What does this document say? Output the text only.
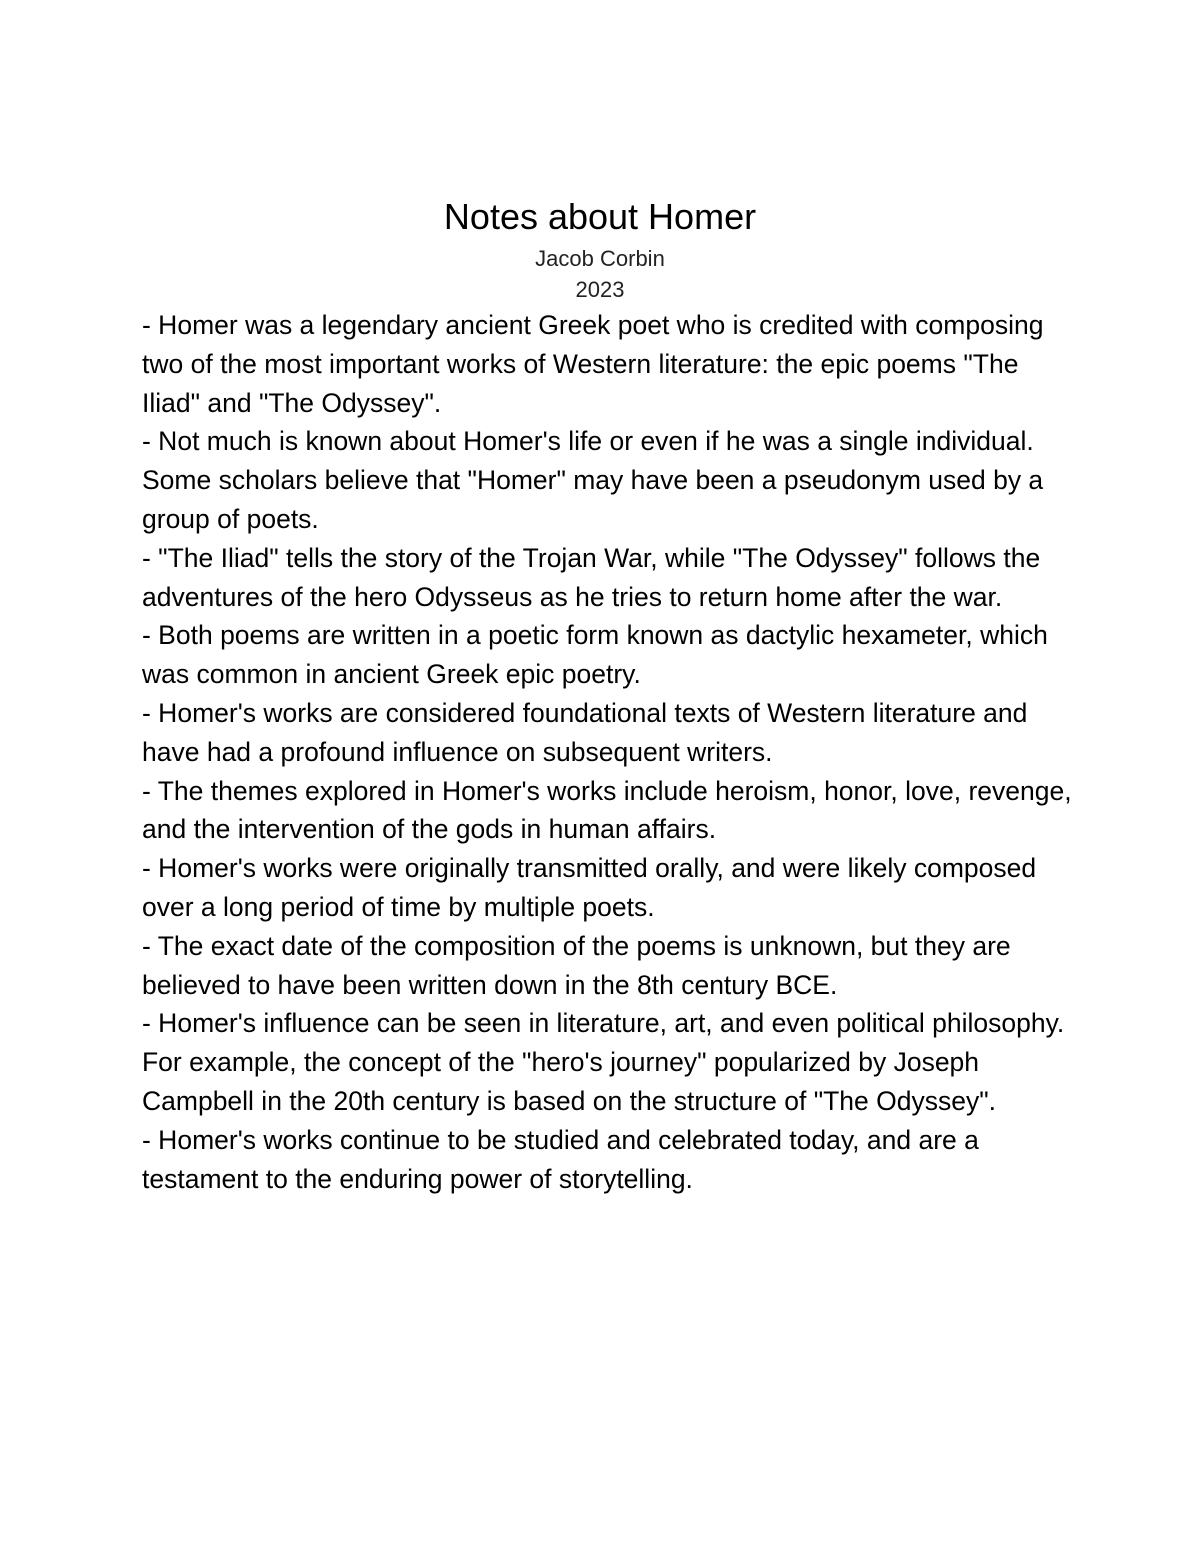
Notes about Homer
Jacob Corbin
2023
- Homer was a legendary ancient Greek poet who is credited with composing two of the most important works of Western literature: the epic poems "The Iliad" and "The Odyssey".
- Not much is known about Homer's life or even if he was a single individual. Some scholars believe that "Homer" may have been a pseudonym used by a group of poets.
- "The Iliad" tells the story of the Trojan War, while "The Odyssey" follows the adventures of the hero Odysseus as he tries to return home after the war.
- Both poems are written in a poetic form known as dactylic hexameter, which was common in ancient Greek epic poetry.
- Homer's works are considered foundational texts of Western literature and have had a profound influence on subsequent writers.
- The themes explored in Homer's works include heroism, honor, love, revenge, and the intervention of the gods in human affairs.
- Homer's works were originally transmitted orally, and were likely composed over a long period of time by multiple poets.
- The exact date of the composition of the poems is unknown, but they are believed to have been written down in the 8th century BCE.
- Homer's influence can be seen in literature, art, and even political philosophy. For example, the concept of the "hero's journey" popularized by Joseph Campbell in the 20th century is based on the structure of "The Odyssey".
- Homer's works continue to be studied and celebrated today, and are a testament to the enduring power of storytelling.
